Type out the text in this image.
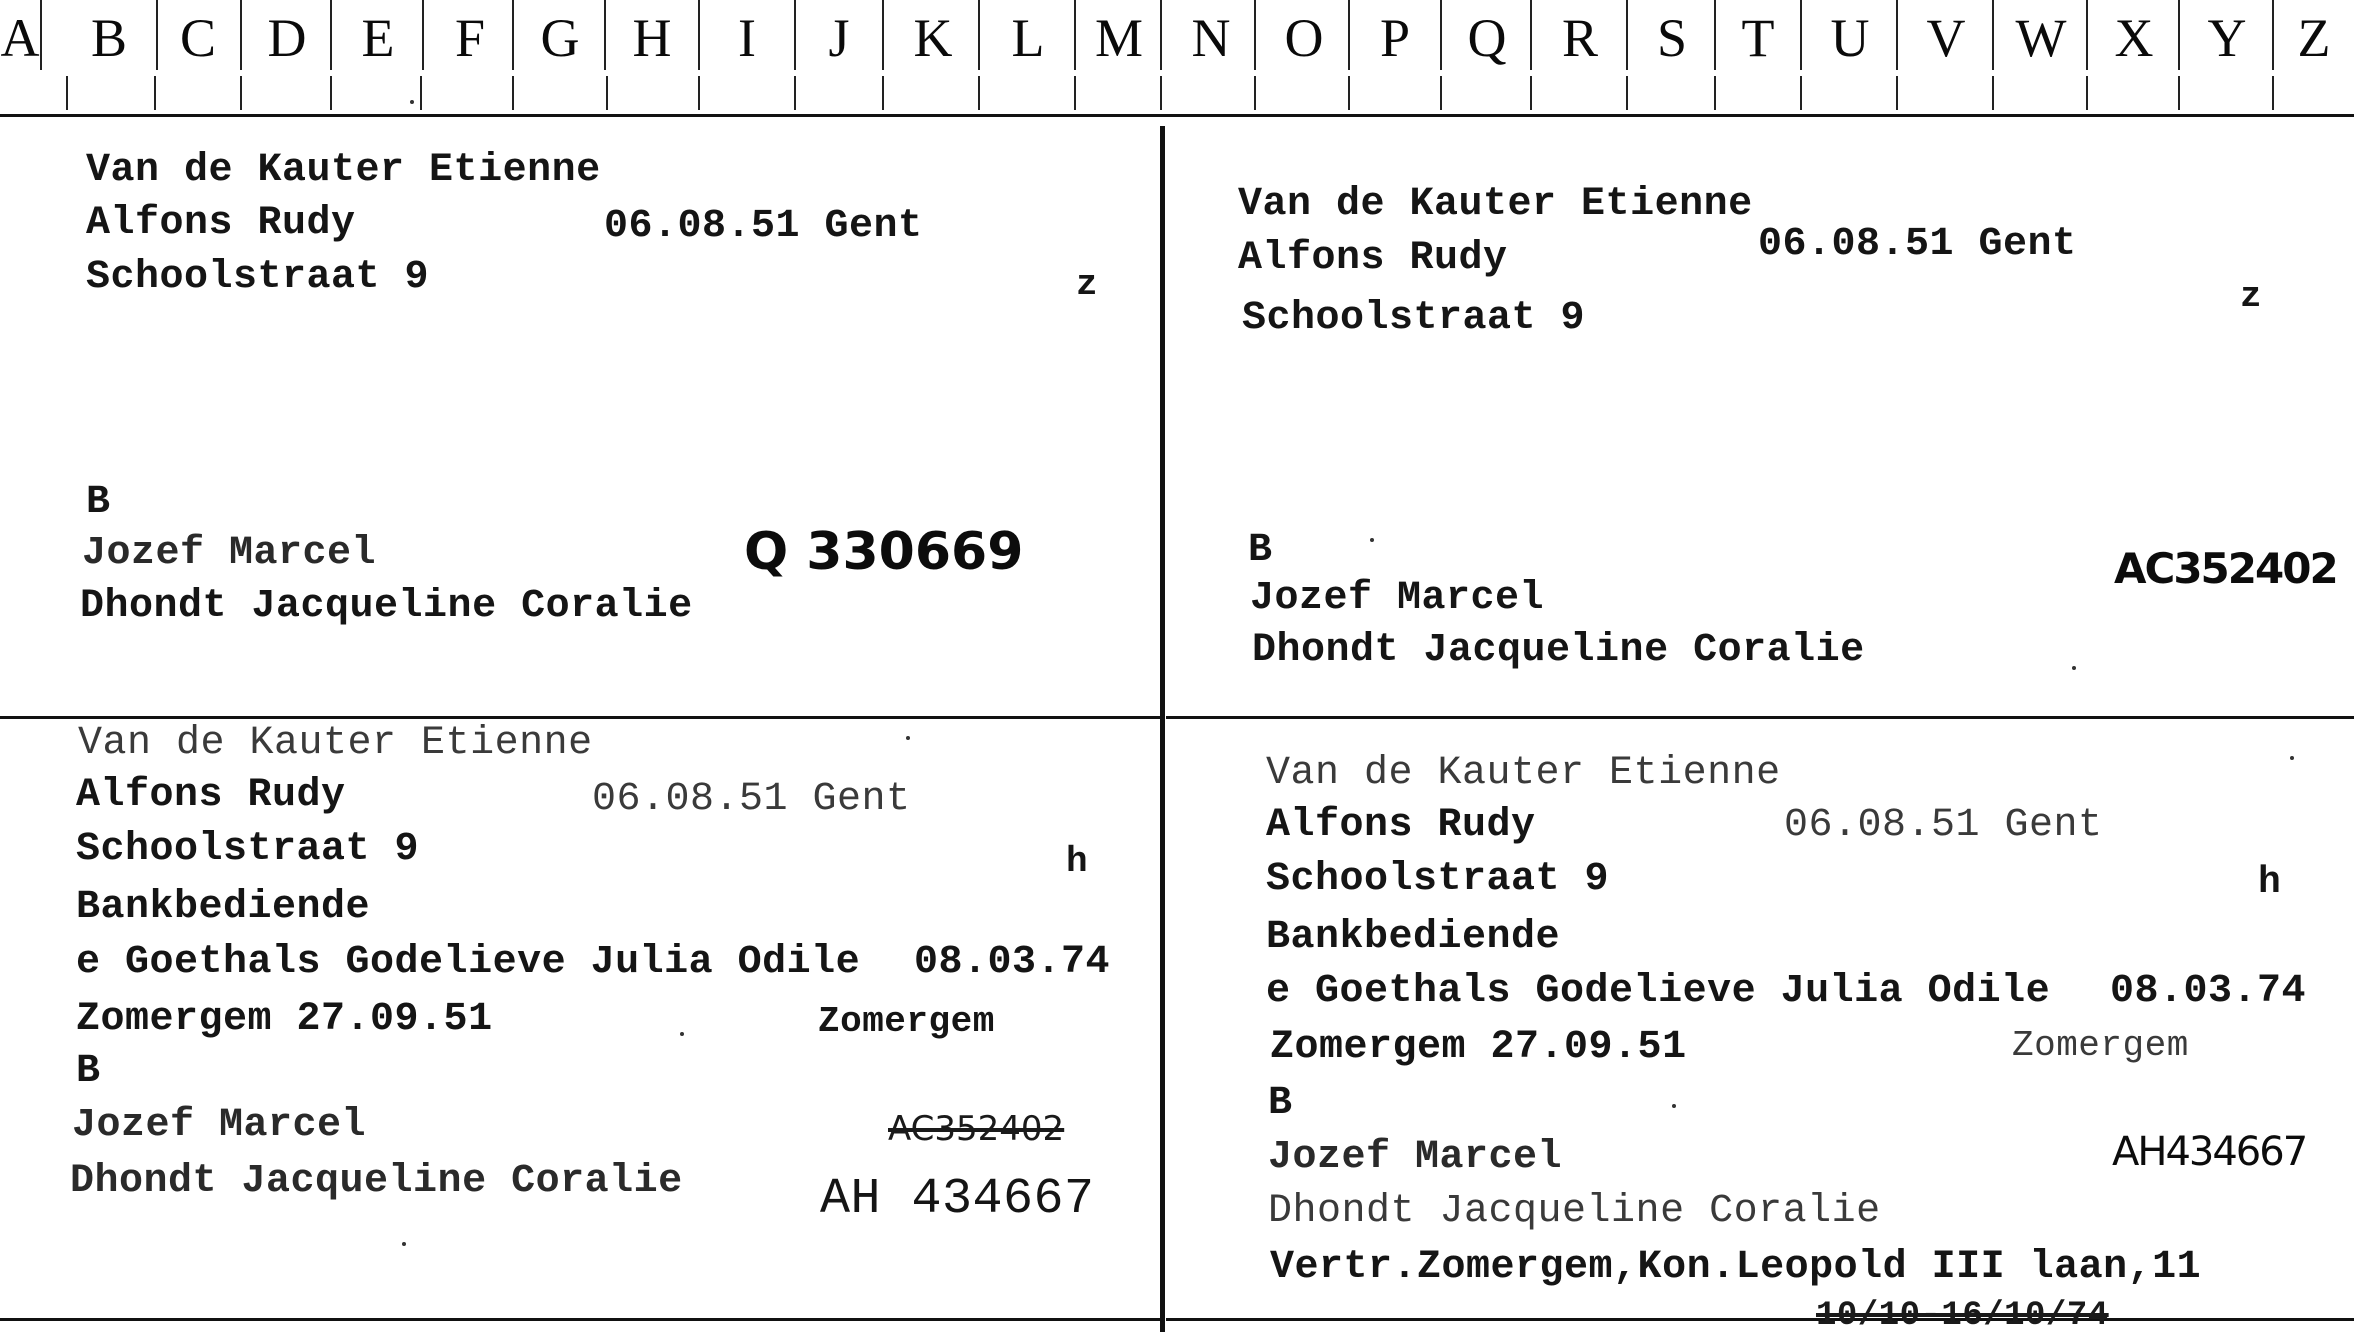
A B C D	E	F	G H	I	J	K	L M N	O	P	Q	R	S	T	U	V W X	Y Z
Van de Kauter Etienne
Alfons Rudy	06.08.51 Gent
Schoolstraat 9	z
B
Jozef Marcel	Q 330669
Dhondt Jacqueline Coralie
Van de Kauter Etienne
Alfons Rudy	06.08.51 Gent
Schoolstraat 9	z
B
Jozef Marcel
AC352402
Dhondt Jacqueline Coralie
Van de Kauter Etienne
Alfons Rudy	06.08.51 Gent
Schoolstraat 9	h
Bankbediende
e Goethals Godelieve Julia Odile 08.03.74
Zomergem 27.09.51	Zomergem
B
Jozef Marcel	AC352402
Dhondt Jacqueline Coralie	AH 434667
Van de Kauter Etienne
Alfons Rudy	06.08.51 Gent
Schoolstraat 9	h
Bankbediende
e Goethals Godelieve Julia Odile 08.03.74
Zomergem 27.09.51	Zomergem
B
Jozef Marcel	AH434667
Dhondt Jacqueline Coralie
Vertr.Zomergem,Kon.Leopold III laan,11
10/10-16/10/74
